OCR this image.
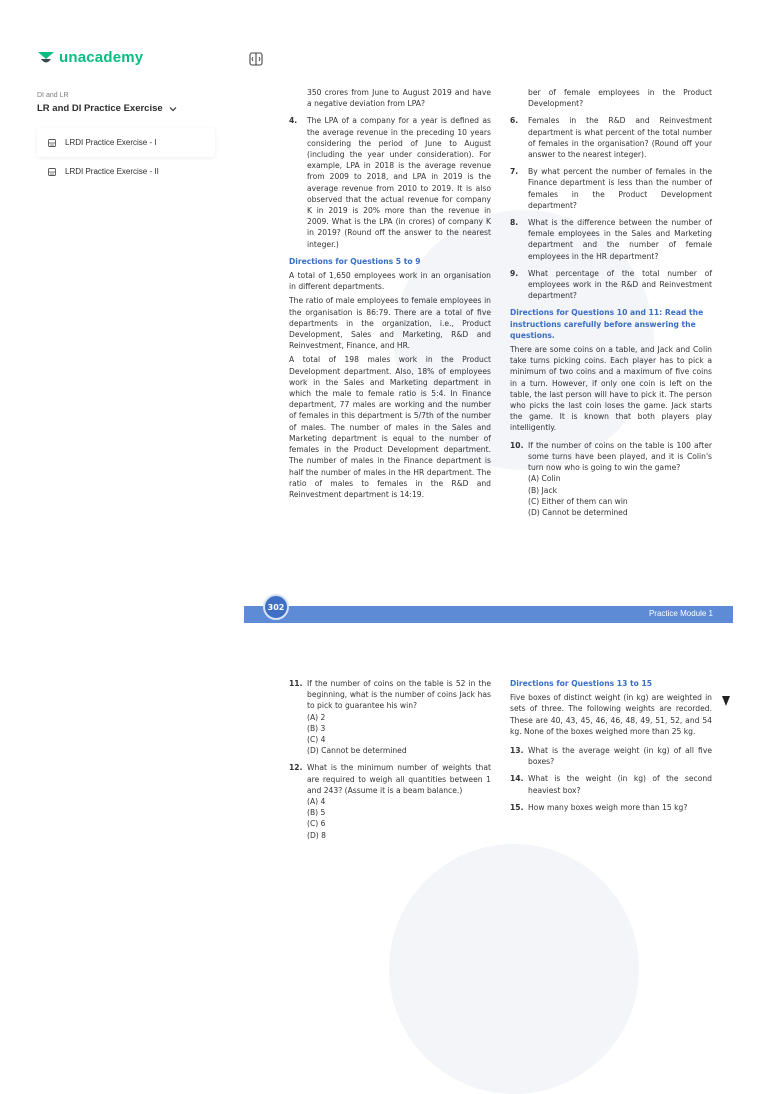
unacademy
DI and LR
LR and DI Practice Exercise
LRDI Practice Exercise - I
LRDI Practice Exercise - II

350 crores from June to August 2019 and have a negative deviation from LPA?

4.	The LPA of a company for a year is defined as the average revenue in the preceding 10 years considering the period of June to August (including the year under consideration). For example, LPA in 2018 is the average revenue from 2009 to 2018, and LPA in 2019 is the average revenue from 2010 to 2019. It is also observed that the actual revenue for company K in 2019 is 20% more than the revenue in 2009. What is the LPA (in crores) of company K in 2019? (Round off the answer to the nearest integer.)
Directions for Questions 5 to 9

A total of 1,650 employees work in an organisation in different departments.

The ratio of male employees to female employees in the organisation is 86:79. There are a total of five departments in the organization, i.e., Product Development, Sales and Marketing, R&D and Reinvestment, Finance, and HR.

A total of 198 males work in the Product Development department. Also, 18% of employees work in the Sales and Marketing department in which the male to female ratio is 5:4. In Finance department, 77 males are working and the number of females in this department is 5/7th of the number of males. The number of males in the Sales and Marketing department is equal to the number of females in the Product Development department. The number of males in the Finance department is half the number of males in the HR department. The ratio of males to females in the R&D and Reinvestment department is 14:19.

ber of female employees in the Product Development?

6.	Females in the R&D and Reinvestment department is what percent of the total number of females in the organisation? (Round off your answer to the nearest integer).
7.	By what percent the number of females in the Finance department is less than the number of females in the Product Development department?
8.	What is the difference between the number of female employees in the Sales and Marketing department and the number of female employees in the HR department?
9.	What percentage of the total number of employees work in the R&D and Reinvestment department?
Directions for Questions 10 and 11: Read the instructions carefully before answering the questions.

There are some coins on a table, and Jack and Colin take turns picking coins. Each player has to pick a minimum of two coins and a maximum of five coins in a turn. However, if only one coin is left on the table, the last person will have to pick it. The person who picks the last coin loses the game. Jack starts the game. It is known that both players play intelligently.

10. If the number of coins on the table is 100 after some turns have been played, and it is Colin's turn now who is going to win the game?
(A) Colin
(B) Jack
(C) Either of them can win
(D) Cannot be determined
302
Practice Module 1
11. If the number of coins on the table is 52 in the beginning, what is the number of coins Jack has to pick to guarantee his win?
(A) 2
(B) 3
(C) 4
(D) Cannot be determined
12. What is the minimum number of weights that are required to weigh all quantities between 1 and 243? (Assume it is a beam balance.)
(A) 4
(B) 5
(C) 6
(D) 8
Directions for Questions 13 to 15

Five boxes of distinct weight (in kg) are weighted in sets of three. The following weights are recorded. These are 40, 43, 45, 46, 46, 48, 49, 51, 52, and 54 kg. None of the boxes weighed more than 25 kg.

13. What is the average weight (in kg) of all five boxes?
14. What is the weight (in kg) of the second heaviest box?
15. How many boxes weigh more than 15 kg?
